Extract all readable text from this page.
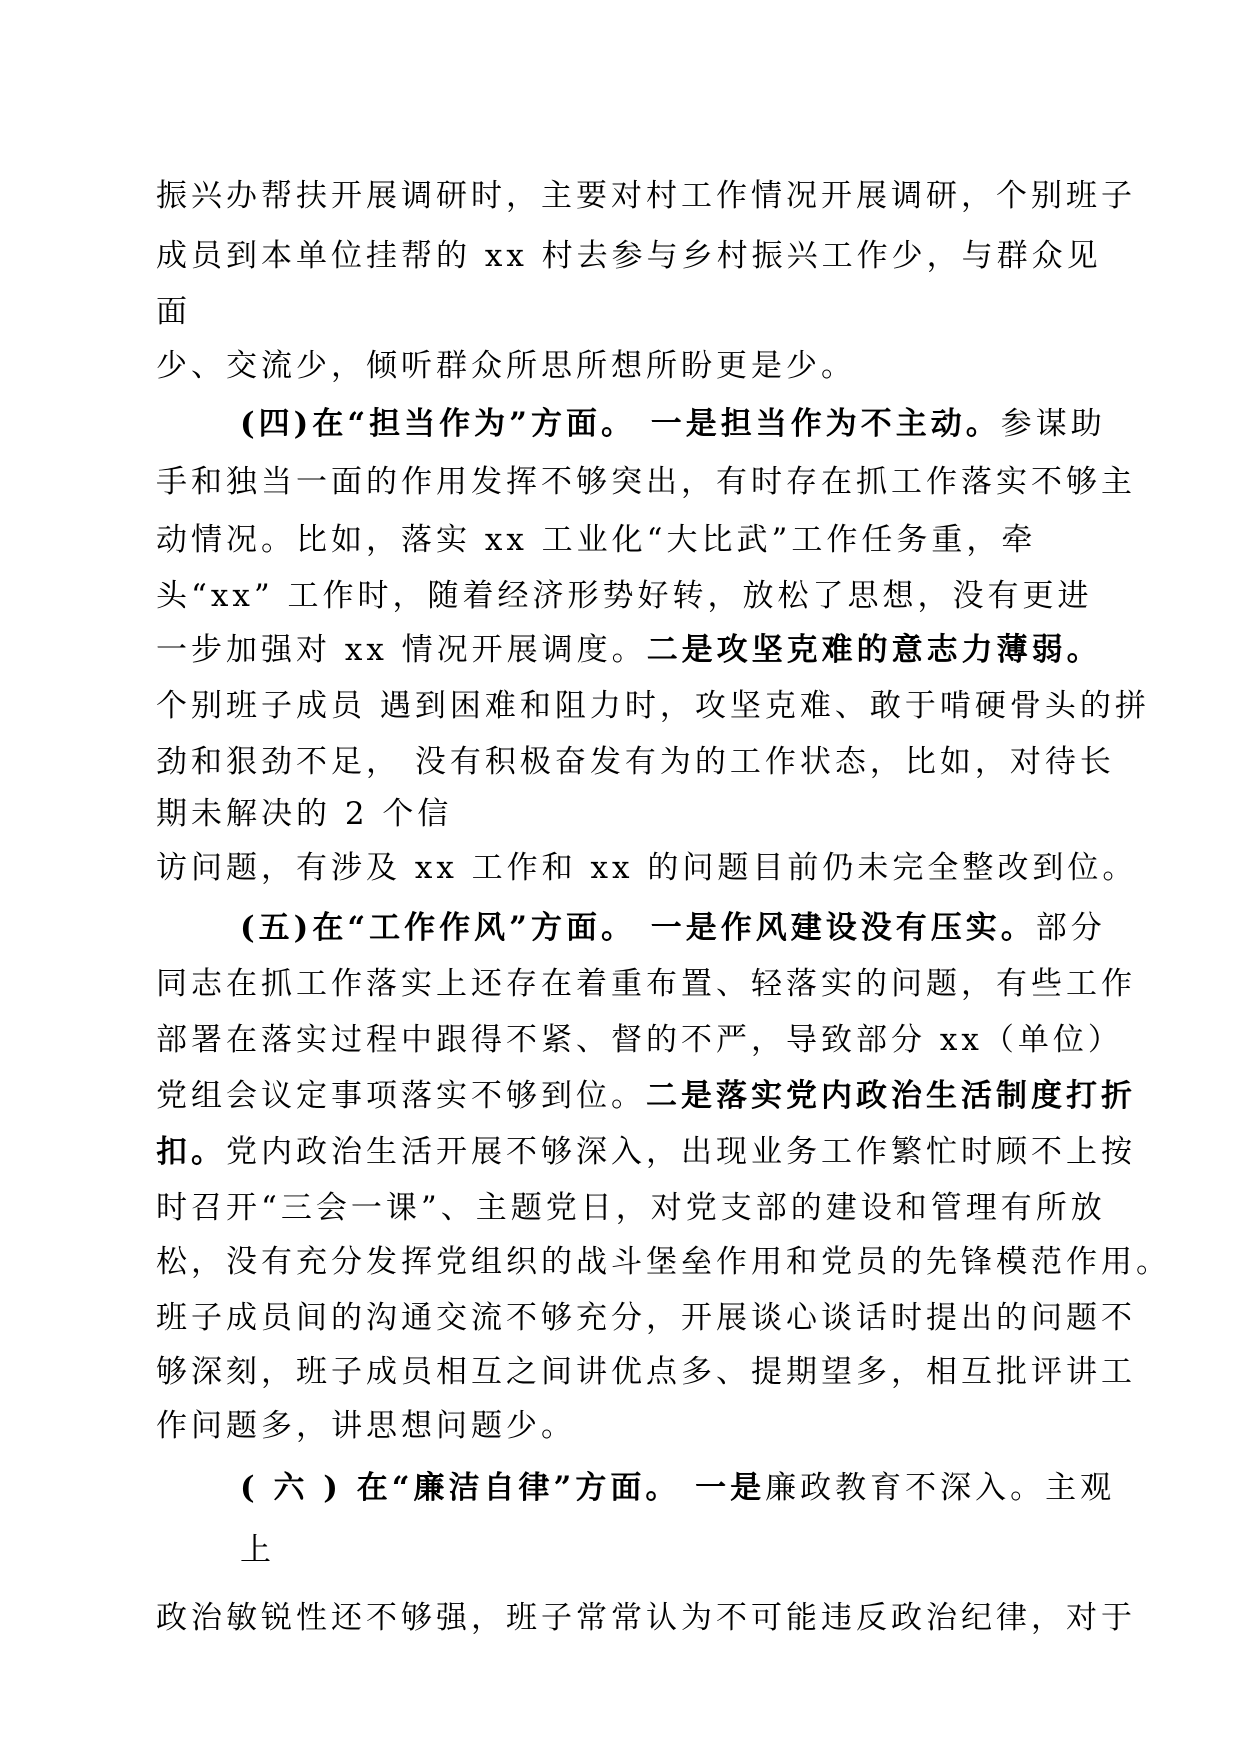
振兴办帮扶开展调研时，主要对村工作情况开展调研，个别班子
成员到本单位挂帮的 xx 村去参与乡村振兴工作少，与群众见
面
少、交流少，倾听群众所思所想所盼更是少。
(四)在“担当作为”方面。 一是担当作为不主动。参谋助
手和独当一面的作用发挥不够突出，有时存在抓工作落实不够主
动情况。比如，落实 xx 工业化“大比武”工作任务重，牵
头“xx” 工作时，随着经济形势好转，放松了思想，没有更进
一步加强对 xx 情况开展调度。二是攻坚克难的意志力薄弱。
个别班子成员 遇到困难和阻力时，攻坚克难、敢于啃硬骨头的拼
劲和狠劲不足， 没有积极奋发有为的工作状态，比如，对待长
期未解决的 2 个信
访问题，有涉及 xx 工作和 xx 的问题目前仍未完全整改到位。
(五)在“工作作风”方面。 一是作风建设没有压实。部分
同志在抓工作落实上还存在着重布置、轻落实的问题，有些工作
部署在落实过程中跟得不紧、督的不严，导致部分 xx（单位）
党组会议定事项落实不够到位。二是落实党内政治生活制度打折
扣。党内政治生活开展不够深入，出现业务工作繁忙时顾不上按
时召开“三会一课”、主题党日，对党支部的建设和管理有所放
松，没有充分发挥党组织的战斗堡垒作用和党员的先锋模范作用。
班子成员间的沟通交流不够充分，开展谈心谈话时提出的问题不
够深刻，班子成员相互之间讲优点多、提期望多，相互批评讲工
作问题多，讲思想问题少。
( 六 ) 在“廉洁自律”方面。 一是廉政教育不深入。主观
上
政治敏锐性还不够强，班子常常认为不可能违反政治纪律，对于
